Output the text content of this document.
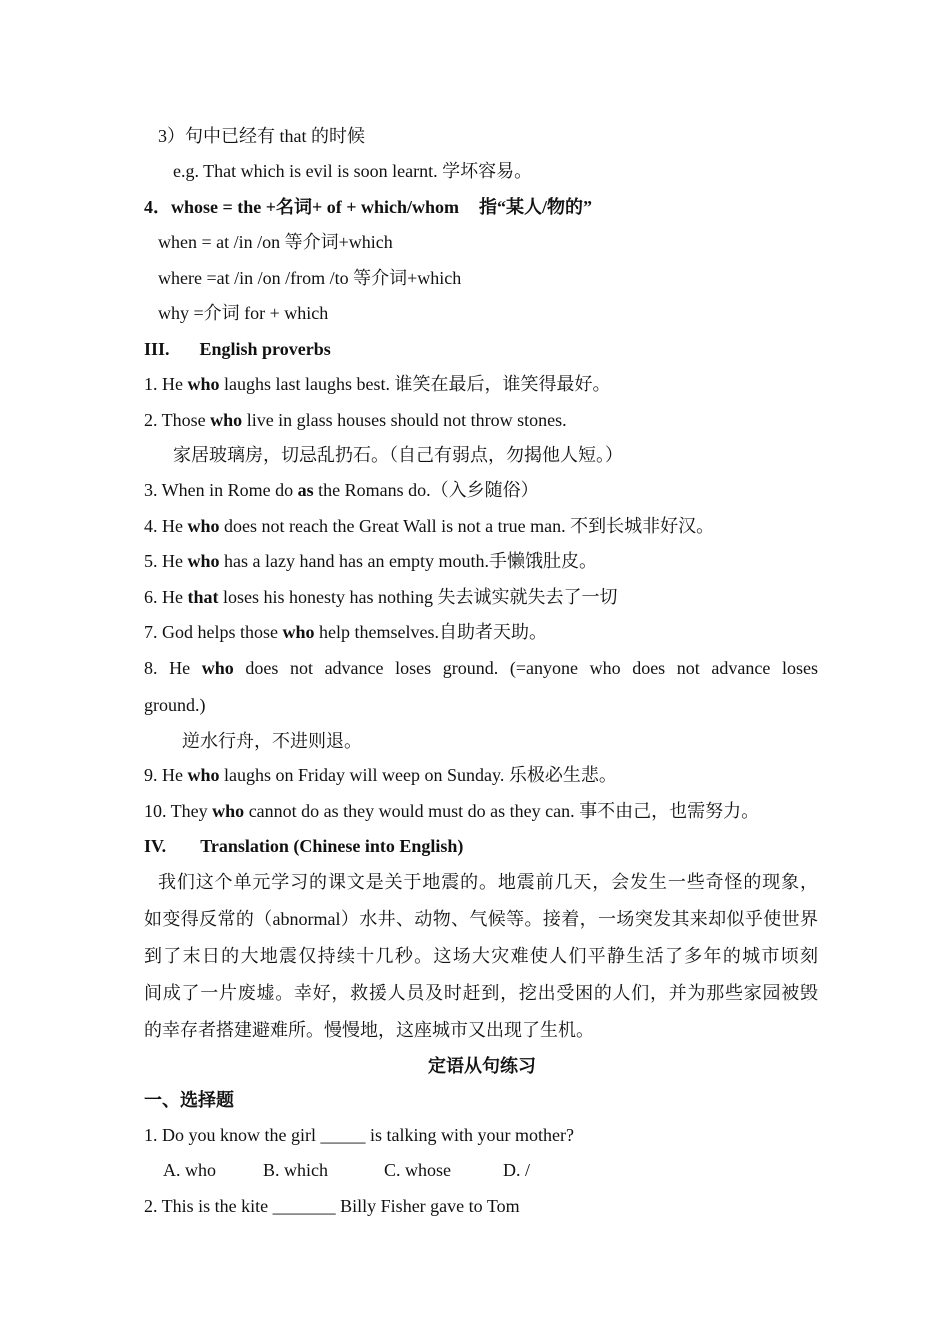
3）句中已经有 that 的时候
e.g. That which is evil is soon learnt. 学坏容易。
4．whose = the +名词+ of + which/whom 指“某人/物的”
when = at /in /on 等介词+which
where =at /in /on /from /to 等介词+which
why =介词 for + which
III. English proverbs
1. He who laughs last laughs best. 谁笑在最后，谁笑得最好。
2. Those who live in glass houses should not throw stones.
家居玻璃房，切忌乱扔石。（自己有弱点，勿揭他人短。）
3. When in Rome do as the Romans do.（入乡随俗）
4. He who does not reach the Great Wall is not a true man. 不到长城非好汉。
5. He who has a lazy hand has an empty mouth.手懒饿肚皮。
6. He that loses his honesty has nothing 失去诚实就失去了一切
7. God helps those who help themselves.自助者天助。
8. He who does not advance loses ground. (=anyone who does not advance loses
ground.)
逆水行舟，不进则退。
9. He who laughs on Friday will weep on Sunday. 乐极必生悲。
10. They who cannot do as they would must do as they can. 事不由己，也需努力。
IV. Translation (Chinese into English)
我们这个单元学习的课文是关于地震的。地震前几天，会发生一些奇怪的现象，
如变得反常的（abnormal）水井、动物、气候等。接着，一场突发其来却似乎使世界
到了末日的大地震仅持续十几秒。这场大灾难使人们平静生活了多年的城市顷刻
间成了一片废墟。幸好，救援人员及时赶到，挖出受困的人们，并为那些家园被毁
的幸存者搭建避难所。慢慢地，这座城市又出现了生机。
定语从句练习
一、选择题
1. Do you know the girl _____ is talking with your mother?
A. who	B. which	C. whose	D. /
2. This is the kite _______ Billy Fisher gave to Tom
